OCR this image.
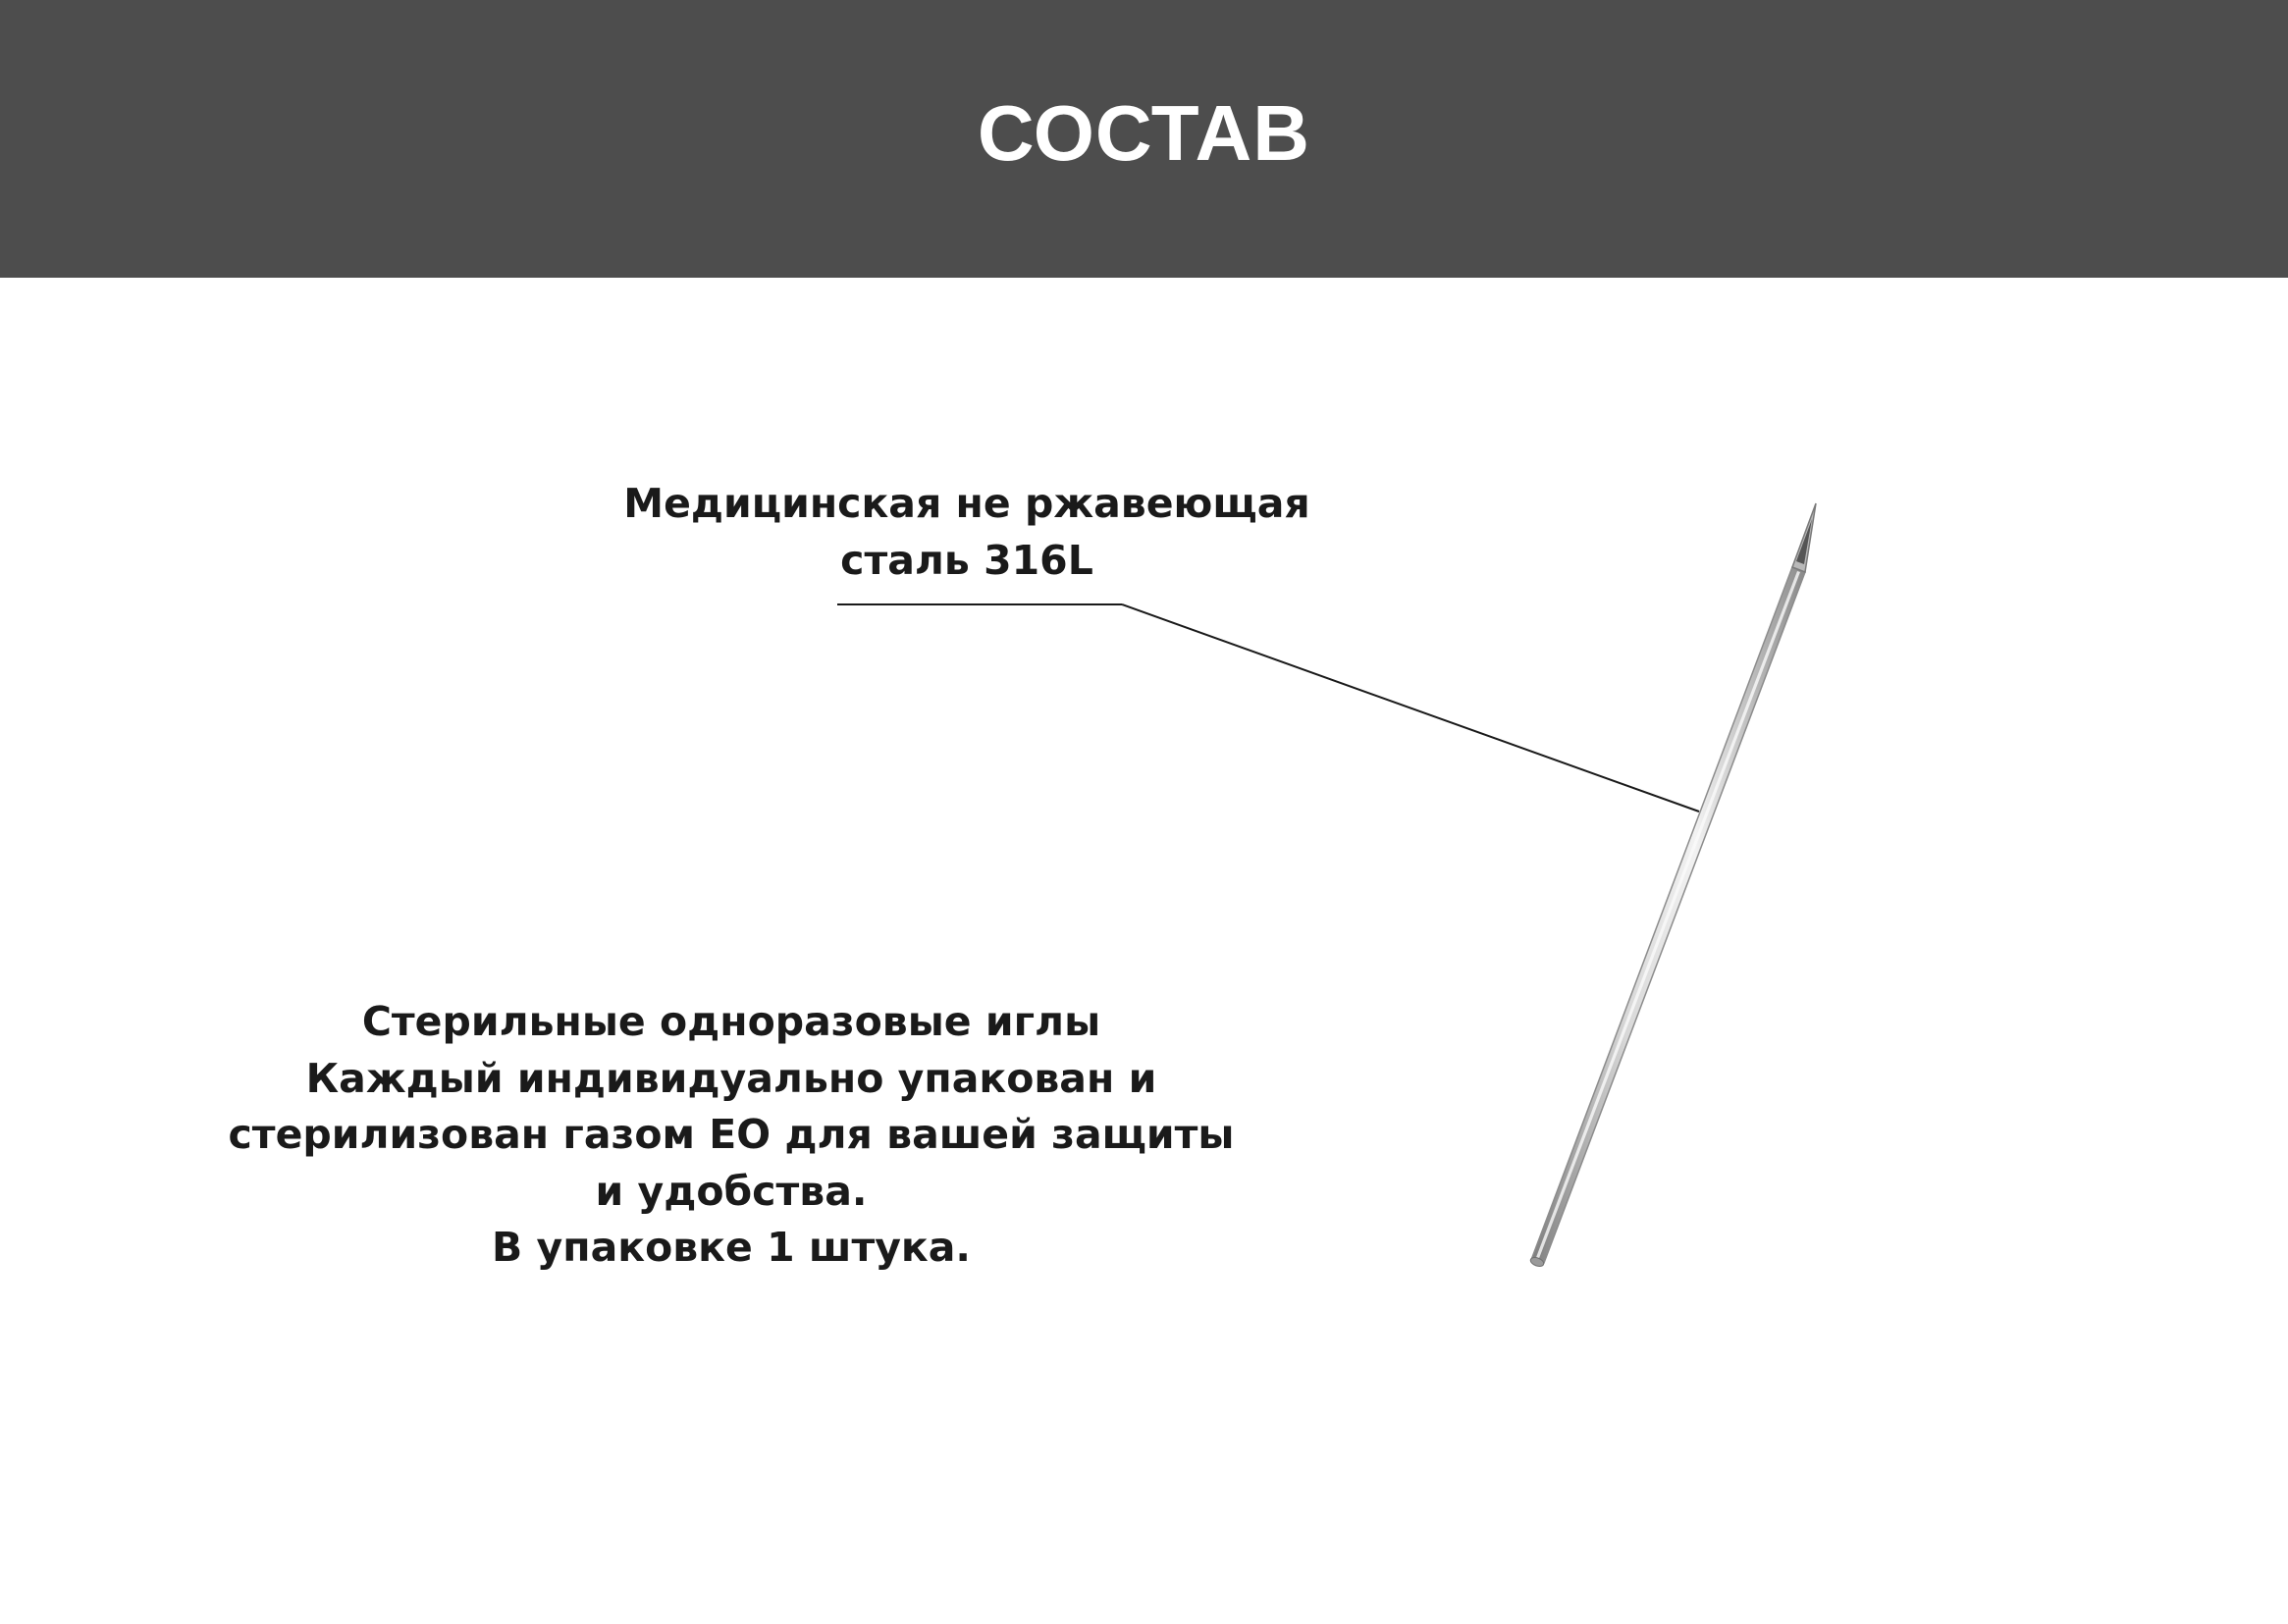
СОСТАВ
Медицинская не ржавеющая
сталь 316L
Стерильные одноразовые иглы
Каждый индивидуально упакован и
стерилизован газом ЕО для вашей защиты
и удобства.
В упаковке 1 штука.
